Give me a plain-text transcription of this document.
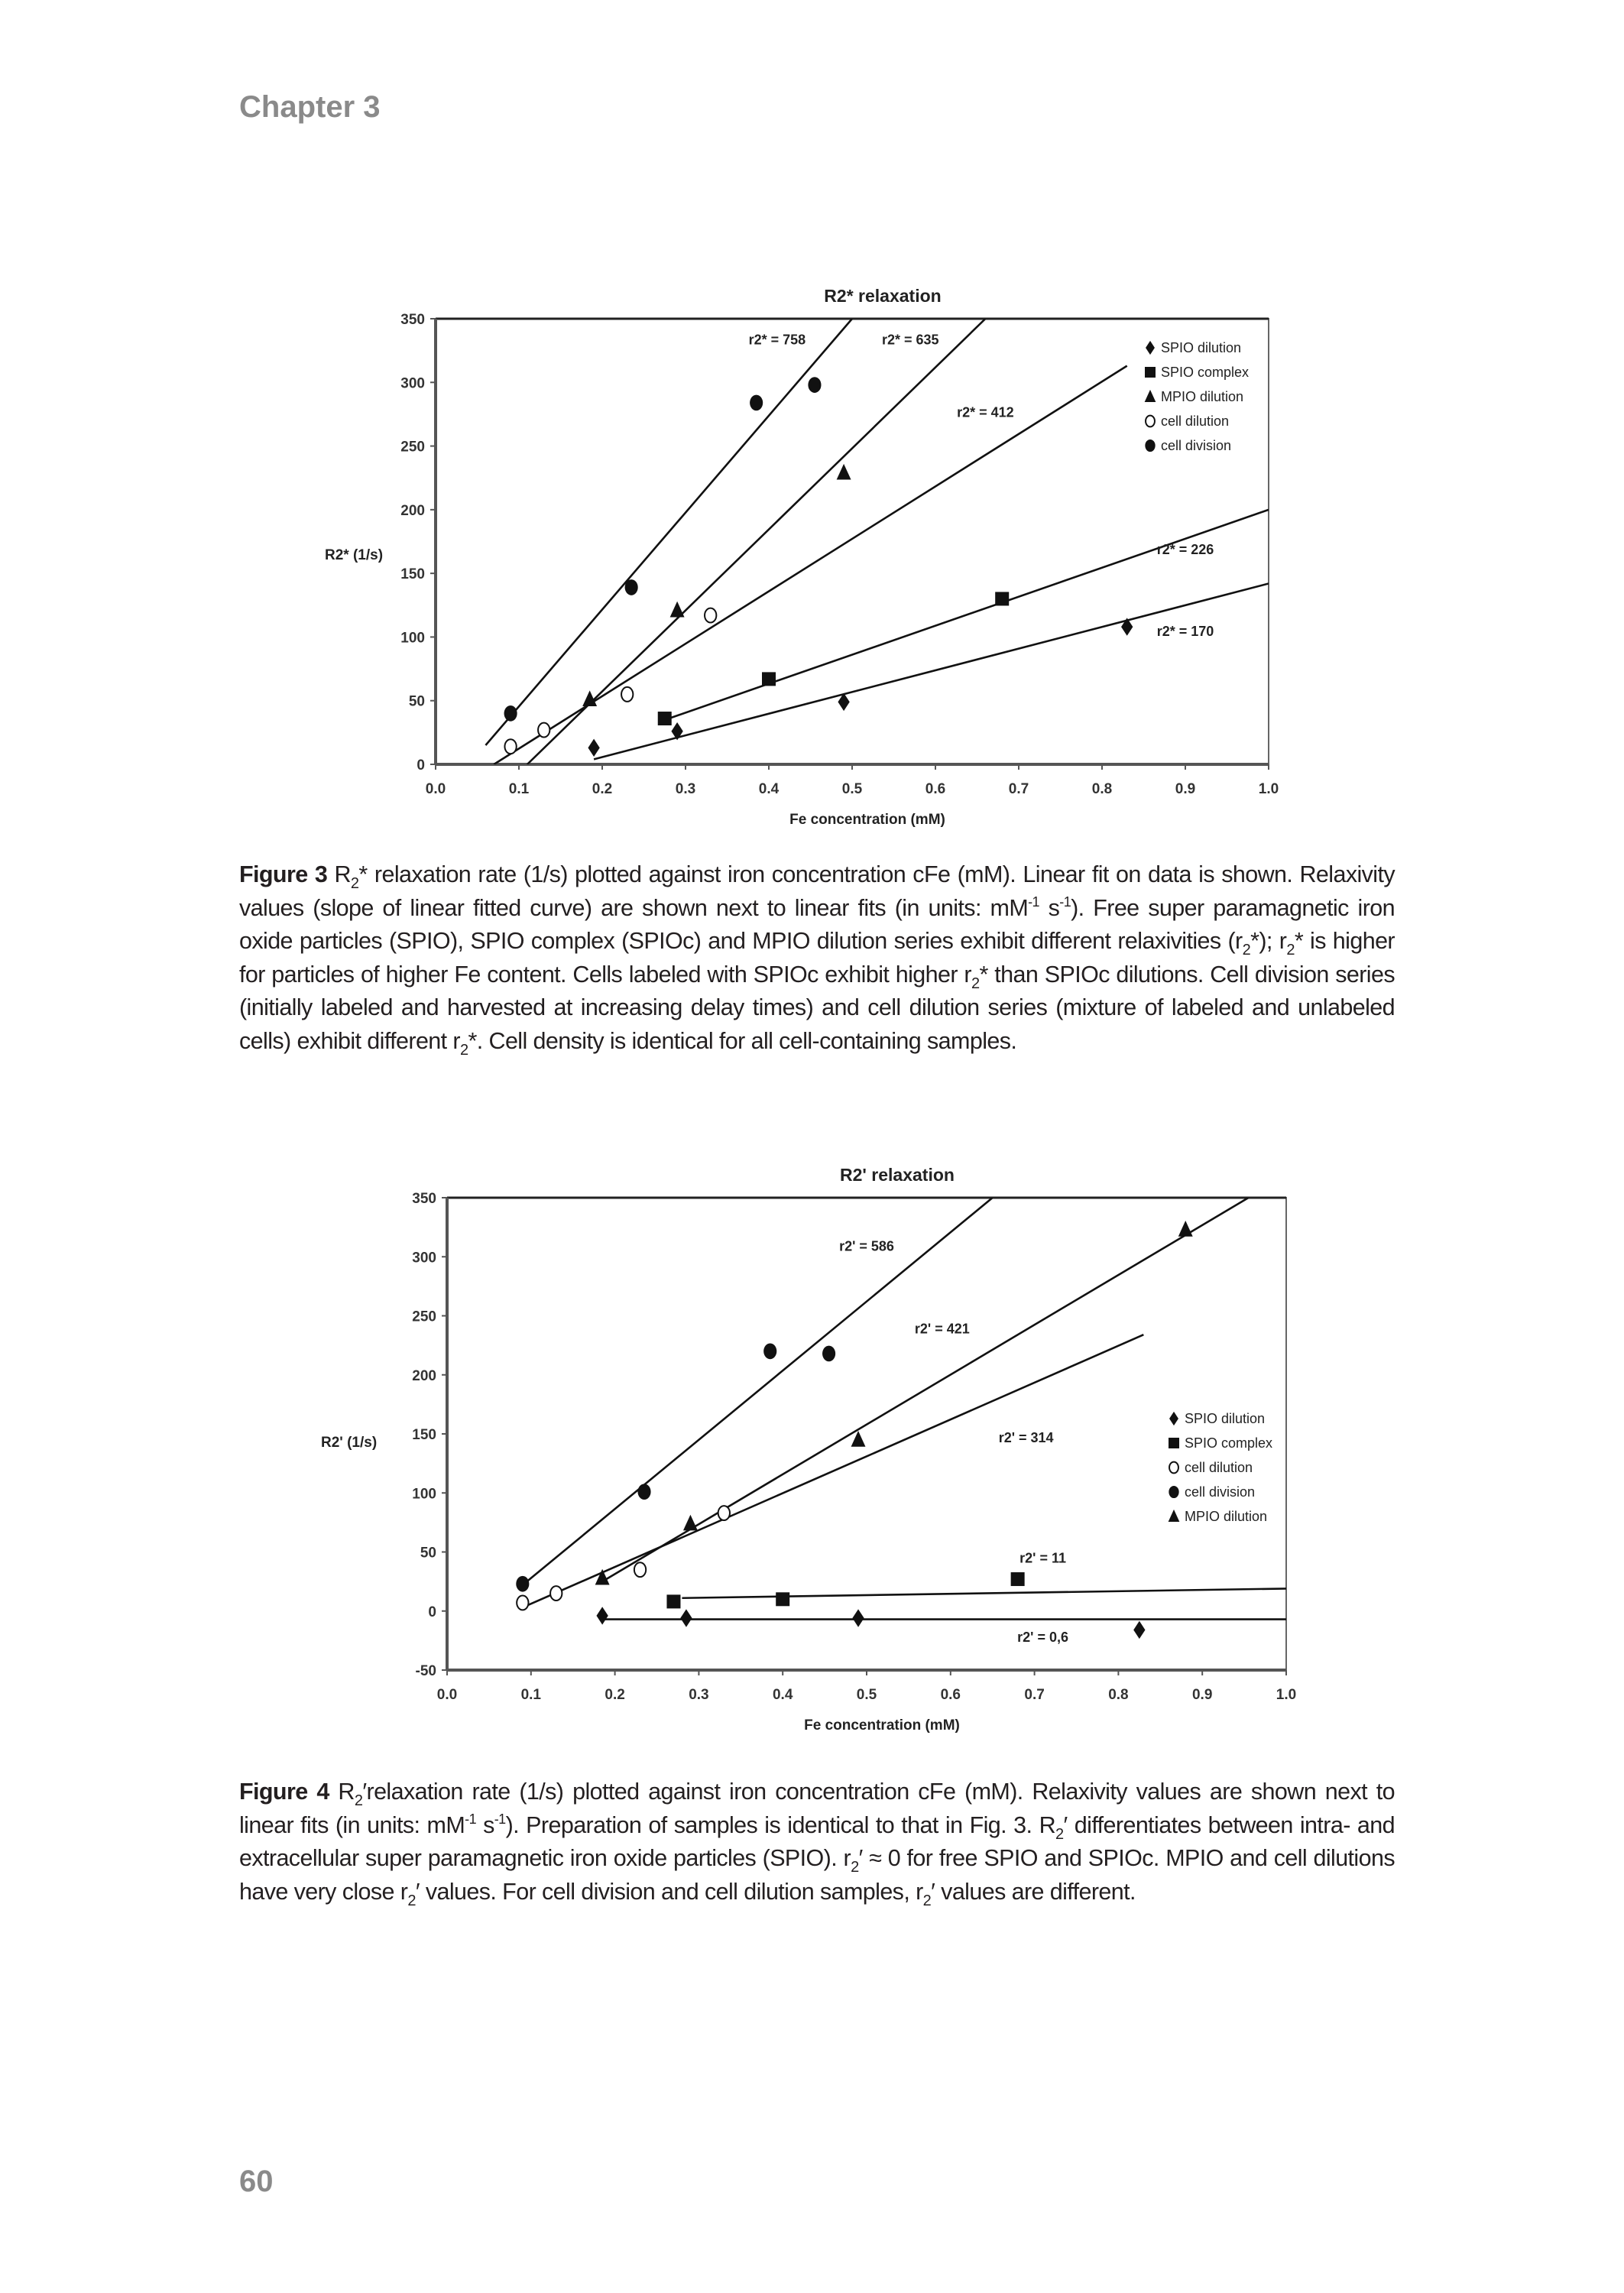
Chapter 3
R2* relaxation
0
50
100
150
200
250
300
350
0.0	0.1	0.2	0.3	0.4	0.5	0.6	0.7	0.8	0.9	1.0
Fe concentration (mM)
R2* (1/s)
r2* = 758	r2* = 635
r2* = 412
r2* = 226
r2* = 170
SPIO dilution
SPIO complex
MPIO dilution
cell dilution
cell division
Figure 3 $R_2*$ relaxation rate (1/s) plotted against iron concentration cFe (mM). Linear fit on data is shown. Relaxivity values (slope of linear fitted curve) are shown next to linear fits (in units: $mM^{-1}$ $s^{-1}$). Free super paramagnetic iron oxide particles (SPIO), SPIO complex (SPIOc) and MPIO dilution series exhibit different relaxivities $(r_2*)$; $r_2*$ is higher for particles of higher Fe content. Cells labeled with SPIOc exhibit higher $r_2*$ than SPIOc dilutions. Cell division series (initially labeled and harvested at increasing delay times) and cell dilution series (mixture of labeled and unlabeled cells) exhibit different $r_2*$. Cell density is identical for all cell-containing samples.
R2' relaxation
-50
0
50
100
150
200
250
300
350
0.0	0.1	0.2	0.3	0.4	0.5	0.6	0.7	0.8	0.9	1.0
Fe concentration (mM)
R2' (1/s)
r2' = 586
r2' = 421
r2' = 314
r2' = 11
r2' = 0,6
SPIO dilution
SPIO complex
cell dilution
cell division
MPIO dilution
Figure 4 $R_2'relaxation$ rate (1/s) plotted against iron concentration cFe (mM). Relaxivity values are shown next to linear fits (in units: $mM^{-1}$ $s^{-1}$). Preparation of samples is identical to that in Fig. 3. $R_2'$ differentiates between intra- and extracellular super paramagnetic iron oxide particles (SPIO). $r_2' \approx 0$ for free SPIO and SPIOc. MPIO and cell dilutions have very close $r_2'$ values. For cell division and cell dilution samples, $r_2'$ values are different.
60
